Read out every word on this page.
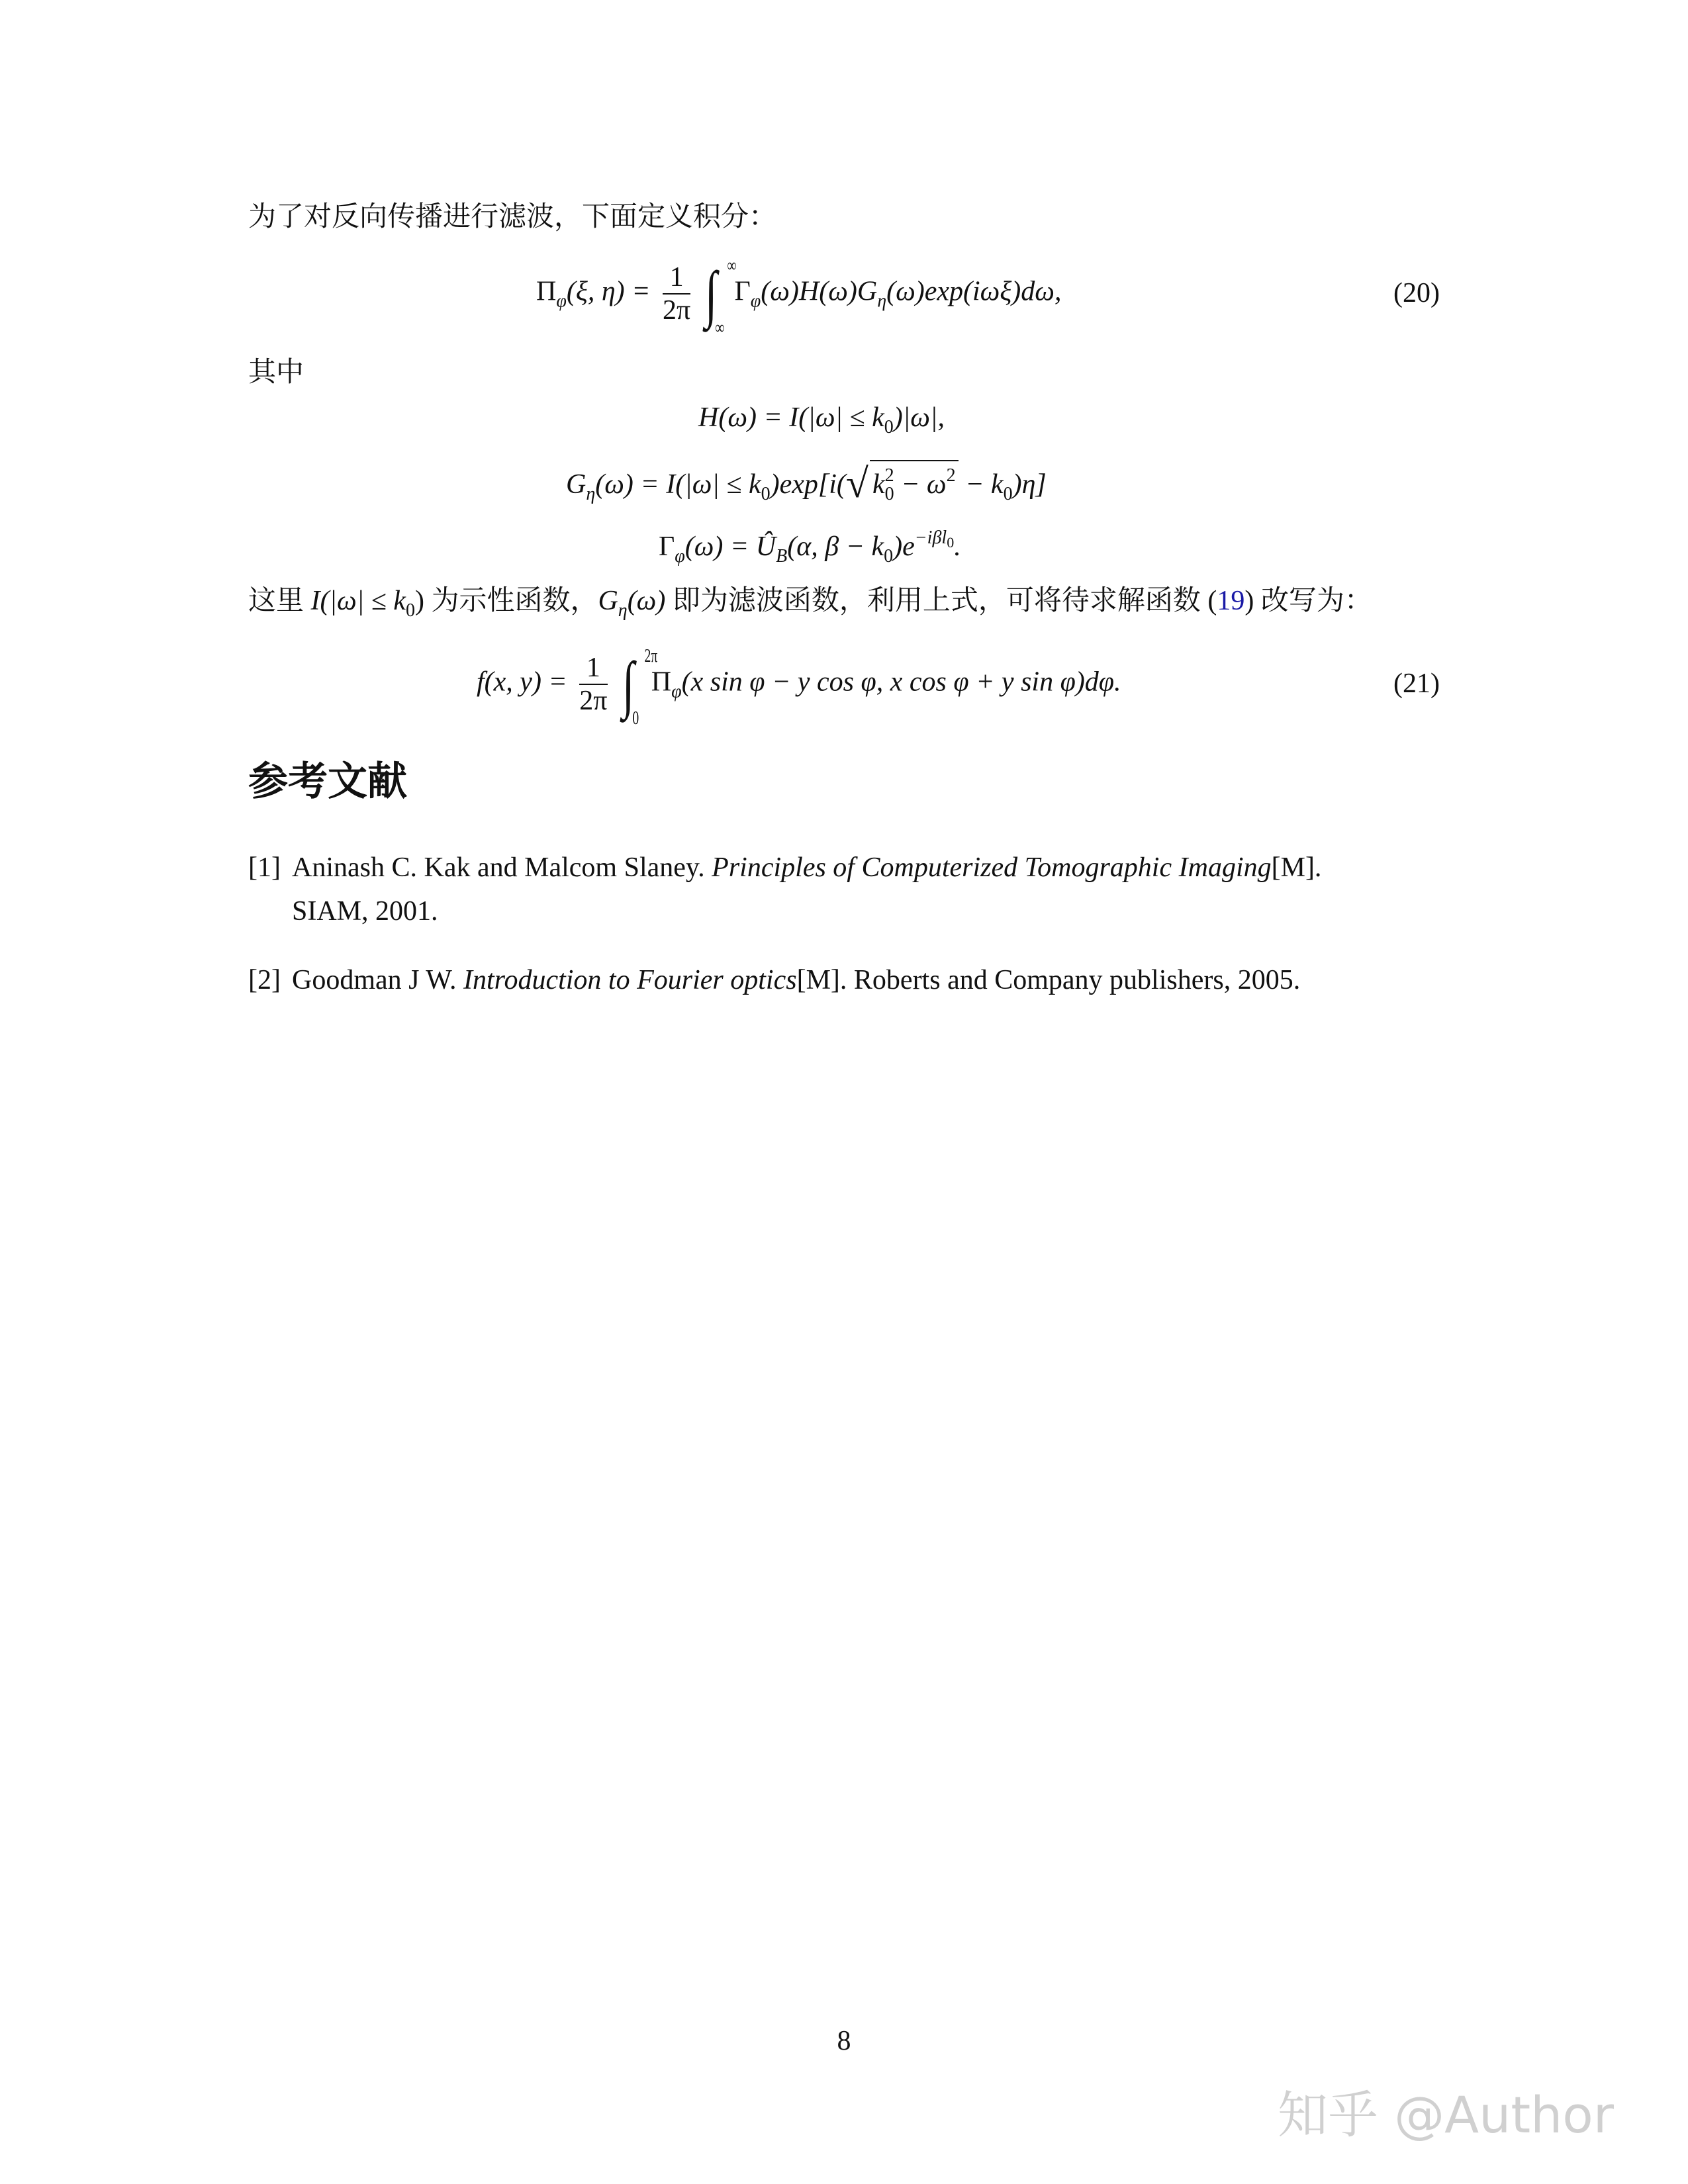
为了对反向传播进行滤波，下面定义积分：
$\Pi_\varphi(\xi$, $\eta) = \frac{1}{2\pi}$ ∫ ∞
∞
$\Gamma_\varphi(\omega)H(\omega)G_\eta(\omega)\exp(i\omega\xi)d\omega$,	(20)
其中
$H(\omega) = I(|\omega| \le k_0)|\omega|$,
$G_\eta(\omega) = I(|\omega| \le k_0)\exp[i(√$ $k^2_0 - \omega^2 - k_0)\eta$]
$\Gamma_\varphi(\omega)$ = $Û_B(\alpha$, $\beta - k_0)e^{-i\beta l0}$.
这里 $I(|\omega| \le k_0)$ 为示性函数，$G_\eta(\omega)$ 即为滤波函数，利用上式，可将待求解函数 (19) 改写为：
f(x, $y) = \frac{1}{2\pi}$ ∫ 2π
0
$\Pi_\varphi(x$ sin φ − y cos φ, x cos φ + y sin φ)dφ.	(21)
参考文献
[1] Aninash C. Kak and Malcom Slaney. Principles of Computerized Tomographic Imaging[M].
SIAM, 2001.
[2] Goodman J W. Introduction to Fourier optics[M]. Roberts and Company publishers, 2005.
8
知乎 @Author
